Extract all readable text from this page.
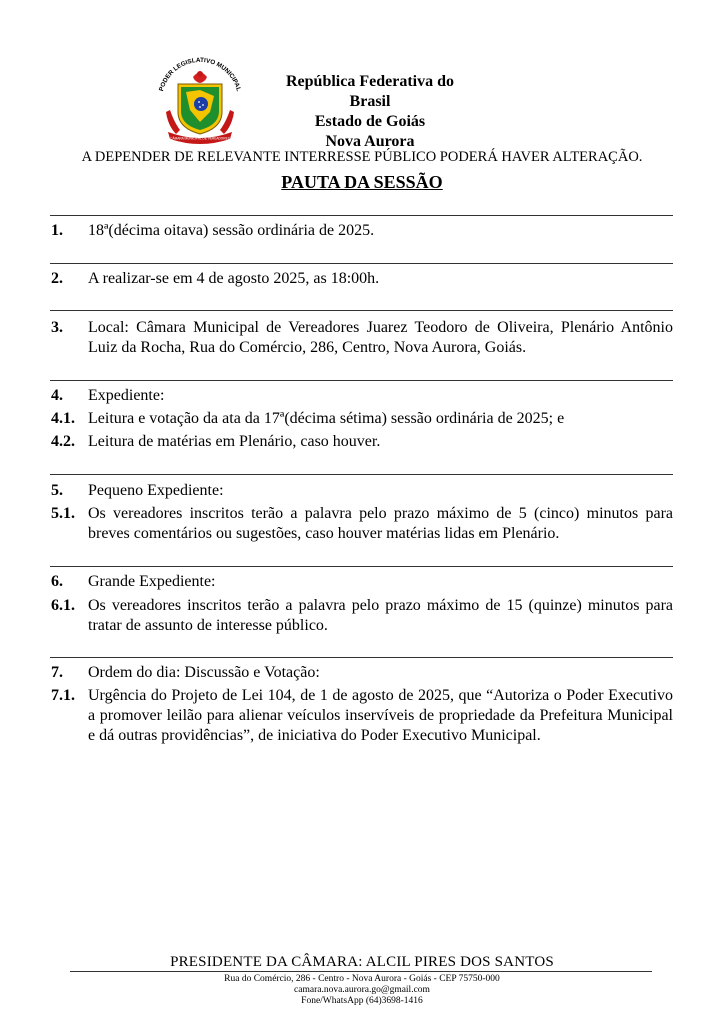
PODER LEGISLATIVO MUNICIPAL
CÂMARA MUNICIPAL DE VEREADORES
República Federativa do Brasil
Estado de Goiás
Nova Aurora
A DEPENDER DE RELEVANTE INTERRESSE PÚBLICO PODERÁ HAVER ALTERAÇÃO.
PAUTA DA SESSÃO
1. 18ª(décima oitava) sessão ordinária de 2025.
2. A realizar-se em 4 de agosto 2025, as 18:00h.
3. Local: Câmara Municipal de Vereadores Juarez Teodoro de Oliveira, Plenário Antônio Luiz da Rocha, Rua do Comércio, 286, Centro, Nova Aurora, Goiás.
4. Expediente:
4.1. Leitura e votação da ata da 17ª(décima sétima) sessão ordinária de 2025; e
4.2. Leitura de matérias em Plenário, caso houver.
5. Pequeno Expediente:
5.1. Os vereadores inscritos terão a palavra pelo prazo máximo de 5 (cinco) minutos para breves comentários ou sugestões, caso houver matérias lidas em Plenário.
6. Grande Expediente:
6.1. Os vereadores inscritos terão a palavra pelo prazo máximo de 15 (quinze) minutos para tratar de assunto de interesse público.
7. Ordem do dia: Discussão e Votação:
7.1. Urgência do Projeto de Lei 104, de 1 de agosto de 2025, que “Autoriza o Poder Executivo a promover leilão para alienar veículos inservíveis de propriedade da Prefeitura Municipal e dá outras providências”, de iniciativa do Poder Executivo Municipal.
PRESIDENTE DA CÂMARA: ALCIL PIRES DOS SANTOS
Rua do Comércio, 286 - Centro - Nova Aurora - Goiás - CEP 75750-000
camara.nova.aurora.go@gmail.com
Fone/WhatsApp (64)3698-1416
